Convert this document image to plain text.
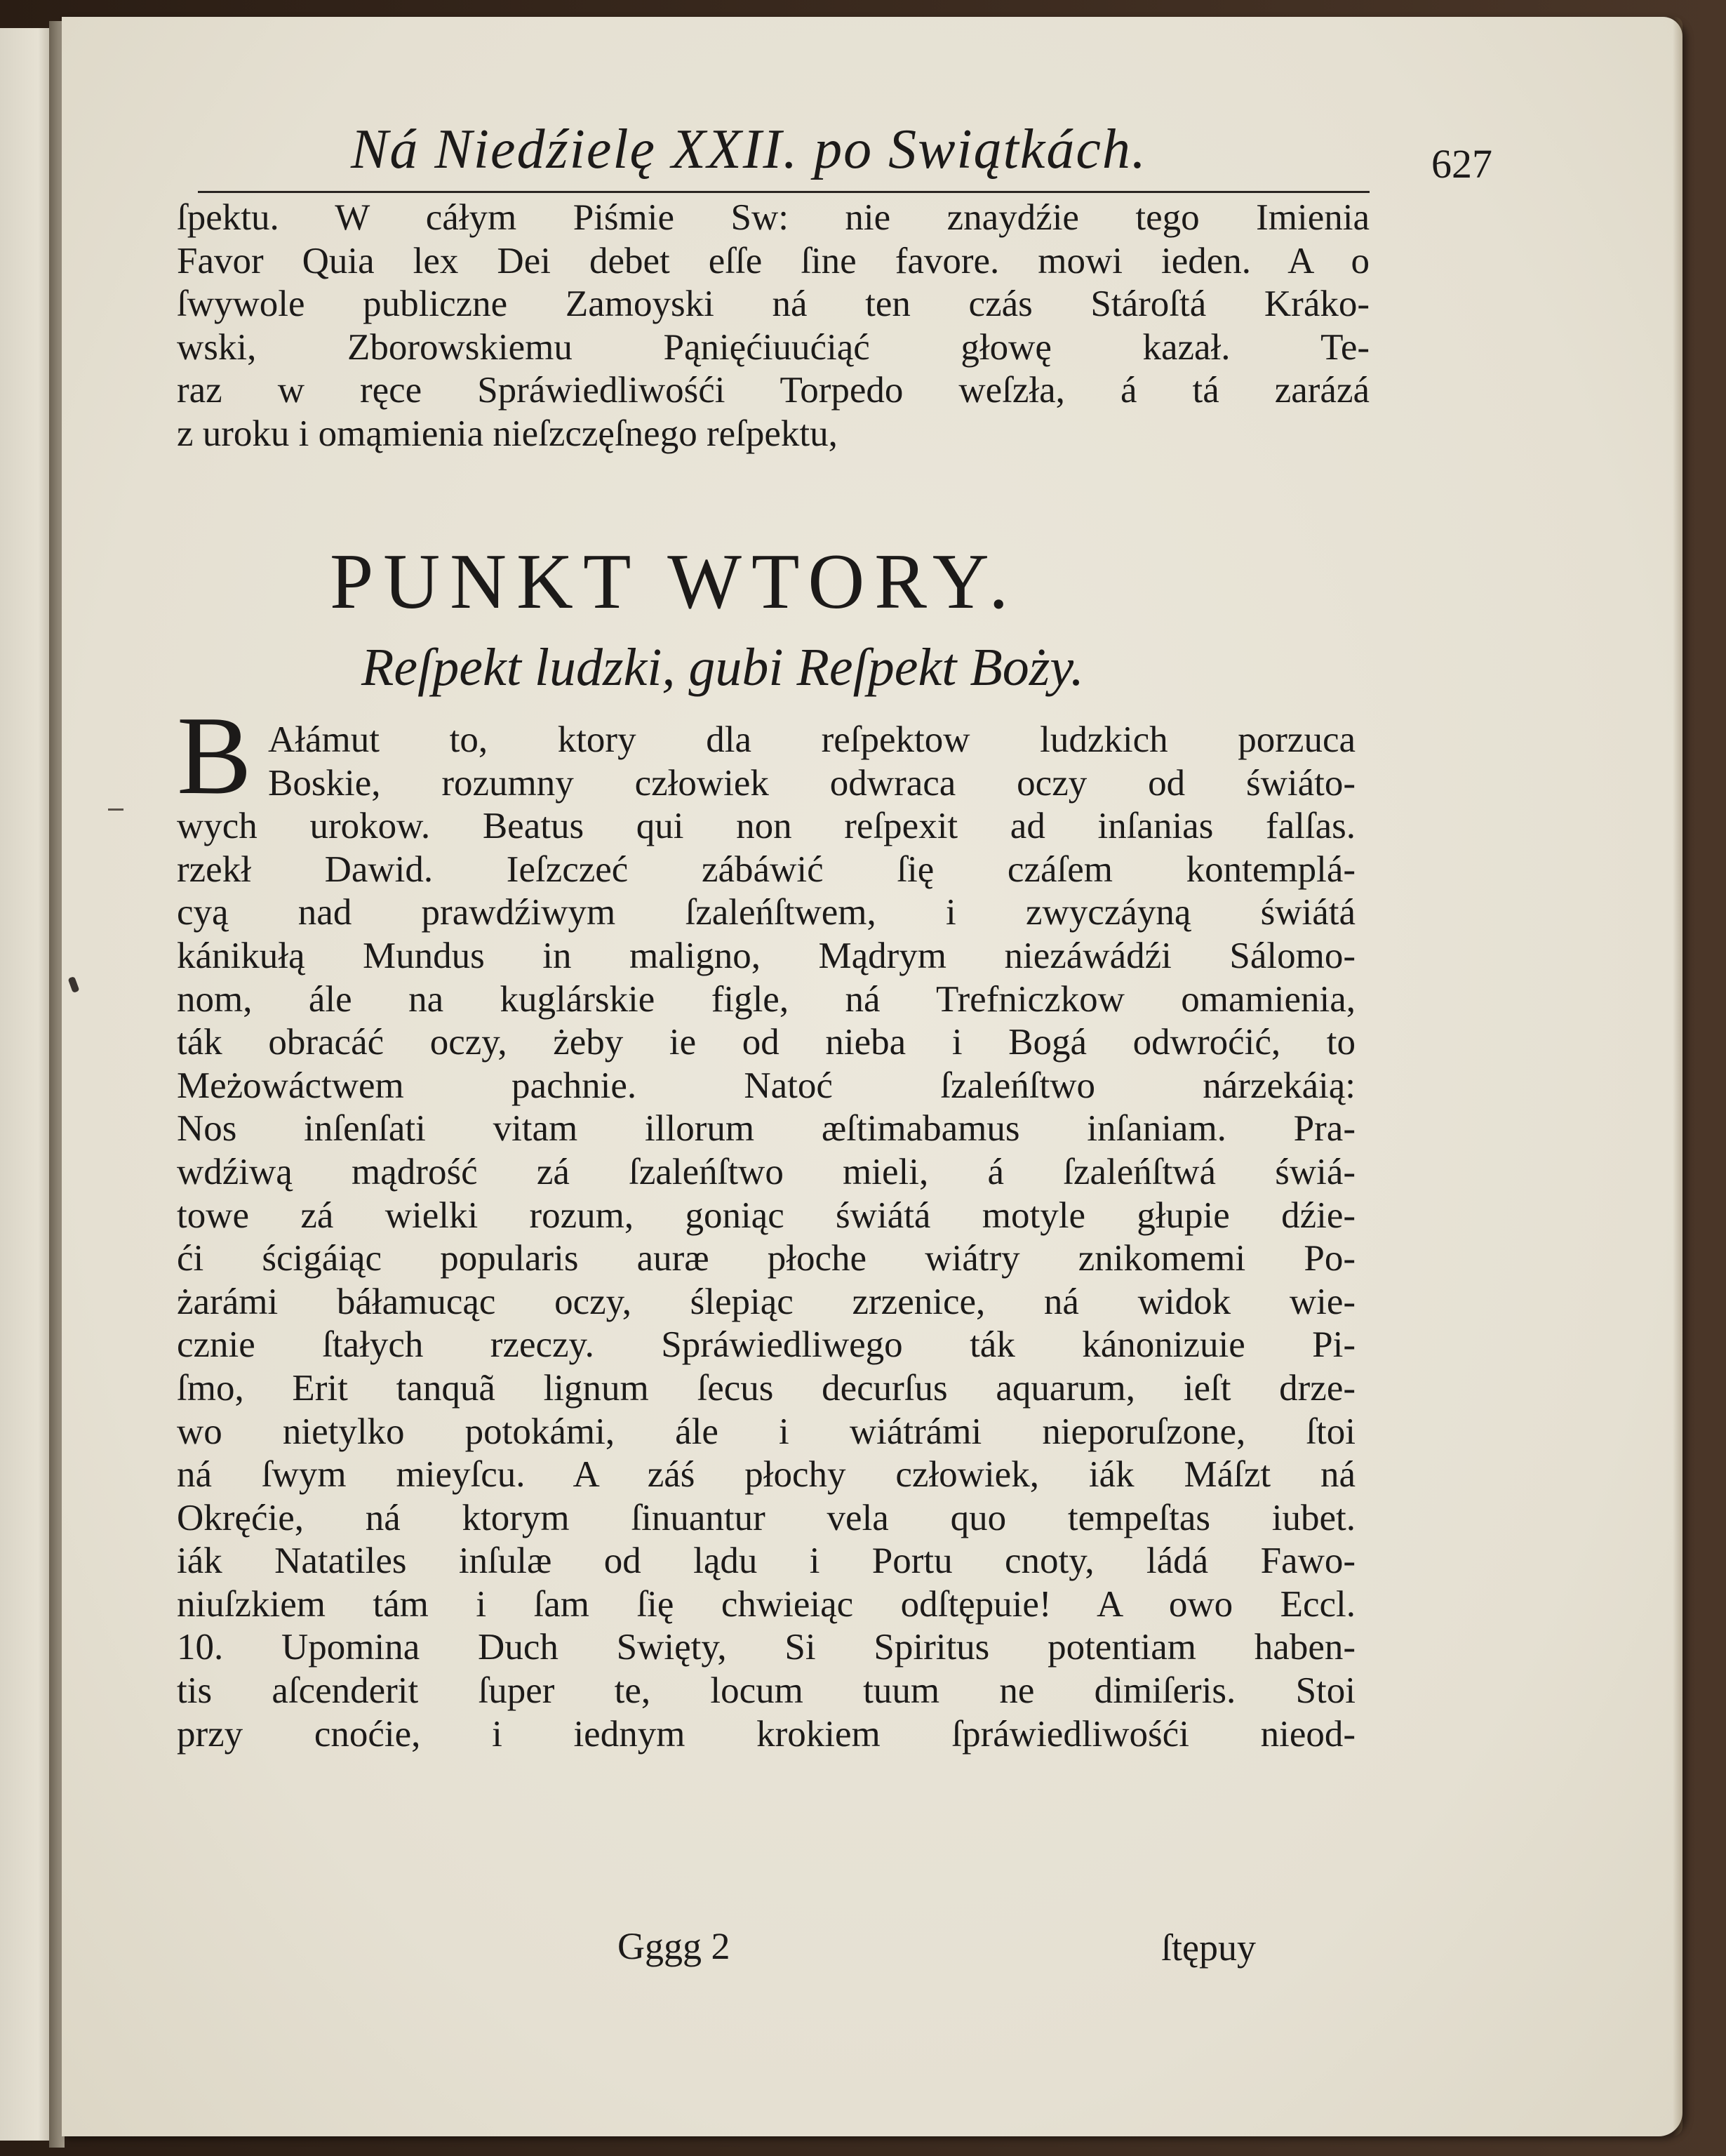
Ná Niedźielę XXII. po Swiątkách.	627
ſpektu. W cáłym Piśmie Sw: nie znaydźie tego Imienia
Favor Quia lex Dei debet eſſe ſine favore. mowi ieden. A o
ſwywole publiczne Zamoyski ná ten czás Stároſtá Kráko-
wski, Zborowskiemu Pąnięćiuućiąć głowę kazał. Te-
raz w ręce Spráwiedliwośći Torpedo weſzła, á tá zarázá
z uroku i omąmienia nieſzczęſnego reſpektu,
PUNKT WTORY.
Reſpekt ludzki, gubi Reſpekt Boży.
B Ałámut to, ktory dla reſpektow ludzkich porzuca
Boskie, rozumny człowiek odwraca oczy od świáto-
wych urokow. Beatus qui non reſpexit ad inſanias falſas.
rzekł Dawid. Ieſzczeć zábáwić ſię czáſem kontemplá-
cyą nad prawdźiwym ſzaleńſtwem, i zwyczáyną świátá
kánikułą Mundus in maligno, Mądrym niezáwádźi Sálomo-
nom, ále na kuglárskie figle, ná Trefniczkow omamienia,
ták obracáć oczy, żeby ie od nieba i Bogá odwroćić, to
Meżowáctwem pachnie. Natoć ſzaleńſtwo nárzekáią:
Nos inſenſati vitam illorum æſtimabamus inſaniam. Pra-
wdźiwą mądrość zá ſzaleńſtwo mieli, á ſzaleńſtwá świá-
towe zá wielki rozum, goniąc świátá motyle głupie dźie-
ći ścigáiąc popularis auræ płoche wiátry znikomemi Po-
żarámi báłamucąc oczy, ślepiąc zrzenice, ná widok wie-
cznie ſtałych rzeczy. Spráwiedliwego ták kánonizuie Pi-
ſmo, Erit tanquã lignum ſecus decurſus aquarum, ieſt drze-
wo nietylko potokámi, ále i wiátrámi nieporuſzone, ſtoi
ná ſwym mieyſcu. A záś płochy człowiek, iák Máſzt ná
Okręćie, ná ktorym ſinuantur vela quo tempeſtas iubet.
iák Natatiles inſulæ od lądu i Portu cnoty, ládá Fawo-
niuſzkiem tám i ſam ſię chwieiąc odſtępuie! A owo Eccl.
10. Upomina Duch Swięty, Si Spiritus potentiam haben-
tis aſcenderit ſuper te, locum tuum ne dimiſeris. Stoi
przy cnoćie, i iednym krokiem ſpráwiedliwośći nieod-
Gggg 2	ſtępuy
